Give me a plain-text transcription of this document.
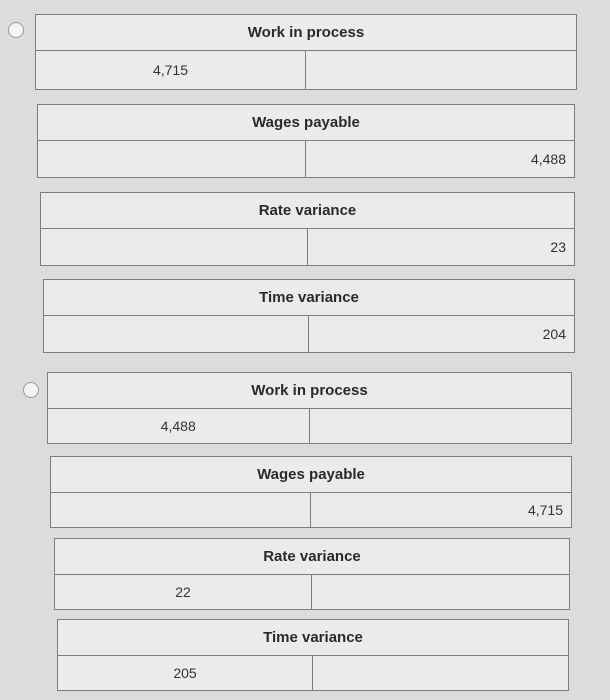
Work in process
4,715
Wages payable
4,488
Rate variance
23
Time variance
204
Work in process
4,488
Wages payable
4,715
Rate variance
22
Time variance
205
